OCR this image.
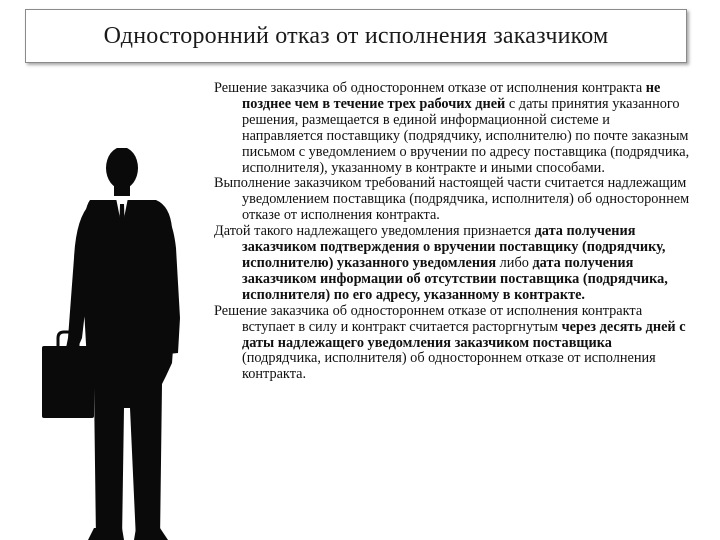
Односторонний отказ от исполнения заказчиком

Решение заказчика об одностороннем отказе от исполнения контракта не позднее чем в течение трех рабочих дней с даты принятия указанного решения, размещается в единой информационной системе и направляется поставщику (подрядчику, исполнителю) по почте заказным письмом с уведомлением о вручении по адресу поставщика (подрядчика, исполнителя), указанному в контракте и иными способами.

Выполнение заказчиком требований настоящей части считается надлежащим уведомлением поставщика (подрядчика, исполнителя) об одностороннем отказе от исполнения контракта.

Датой такого надлежащего уведомления признается дата получения заказчиком подтверждения о вручении поставщику (подрядчику, исполнителю) указанного уведомления либо дата получения заказчиком информации об отсутствии поставщика (подрядчика, исполнителя) по его адресу, указанному в контракте.

Решение заказчика об одностороннем отказе от исполнения контракта вступает в силу и контракт считается расторгнутым через десять дней с даты надлежащего уведомления заказчиком поставщика (подрядчика, исполнителя) об одностороннем отказе от исполнения контракта.
